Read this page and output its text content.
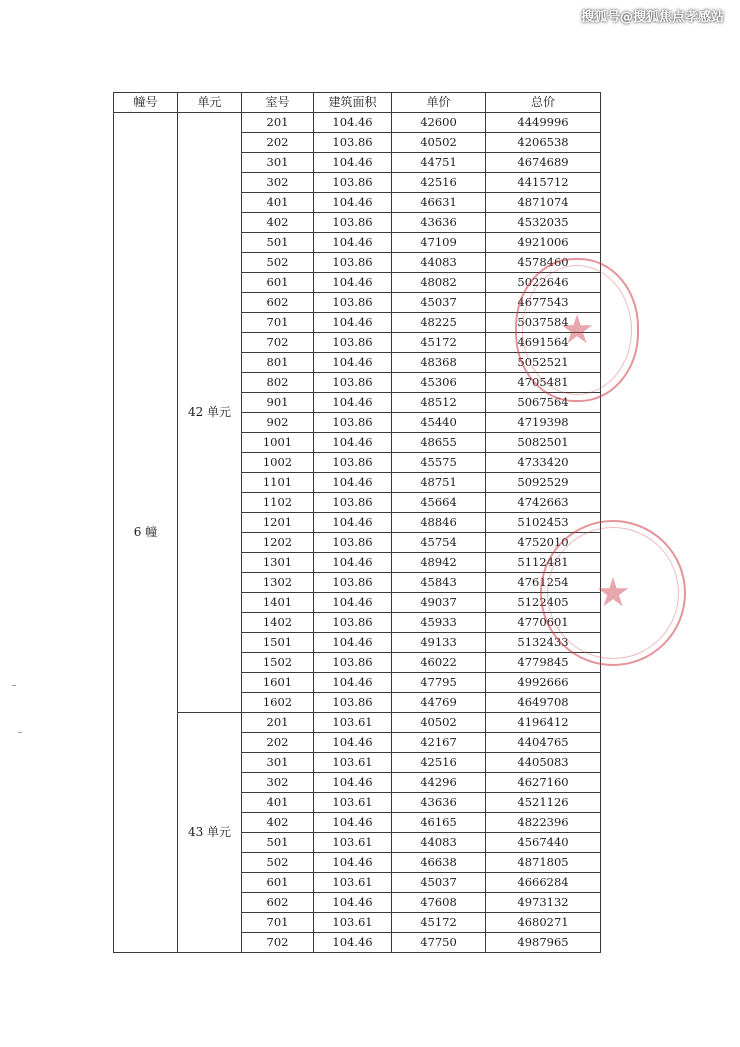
搜狐号@搜狐焦点孝感站
幢号	单元	室号	建筑面积	单价	总价
6 幢	42 单元	201	104.46	42600	4449996
		202	103.86	40502	4206538
		301	104.46	44751	4674689
		302	103.86	42516	4415712
		401	104.46	46631	4871074
		402	103.86	43636	4532035
		501	104.46	47109	4921006
		502	103.86	44083	4578460
		601	104.46	48082	5022646
		602	103.86	45037	4677543
		701	104.46	48225	5037584
		702	103.86	45172	4691564
		801	104.46	48368	5052521
		802	103.86	45306	4705481
		901	104.46	48512	5067564
		902	103.86	45440	4719398
		1001	104.46	48655	5082501
		1002	103.86	45575	4733420
		1101	104.46	48751	5092529
		1102	103.86	45664	4742663
		1201	104.46	48846	5102453
		1202	103.86	45754	4752010
		1301	104.46	48942	5112481
		1302	103.86	45843	4761254
		1401	104.46	49037	5122405
		1402	103.86	45933	4770601
		1501	104.46	49133	5132433
		1502	103.86	46022	4779845
		1601	104.46	47795	4992666
		1602	103.86	44769	4649708
	43 单元	201	103.61	40502	4196412
		202	104.46	42167	4404765
		301	103.61	42516	4405083
		302	104.46	44296	4627160
		401	103.61	43636	4521126
		402	104.46	46165	4822396
		501	103.61	44083	4567440
		502	104.46	46638	4871805
		601	103.61	45037	4666284
		602	104.46	47608	4973132
		701	103.61	45172	4680271
		702	104.46	47750	4987965
★
★
